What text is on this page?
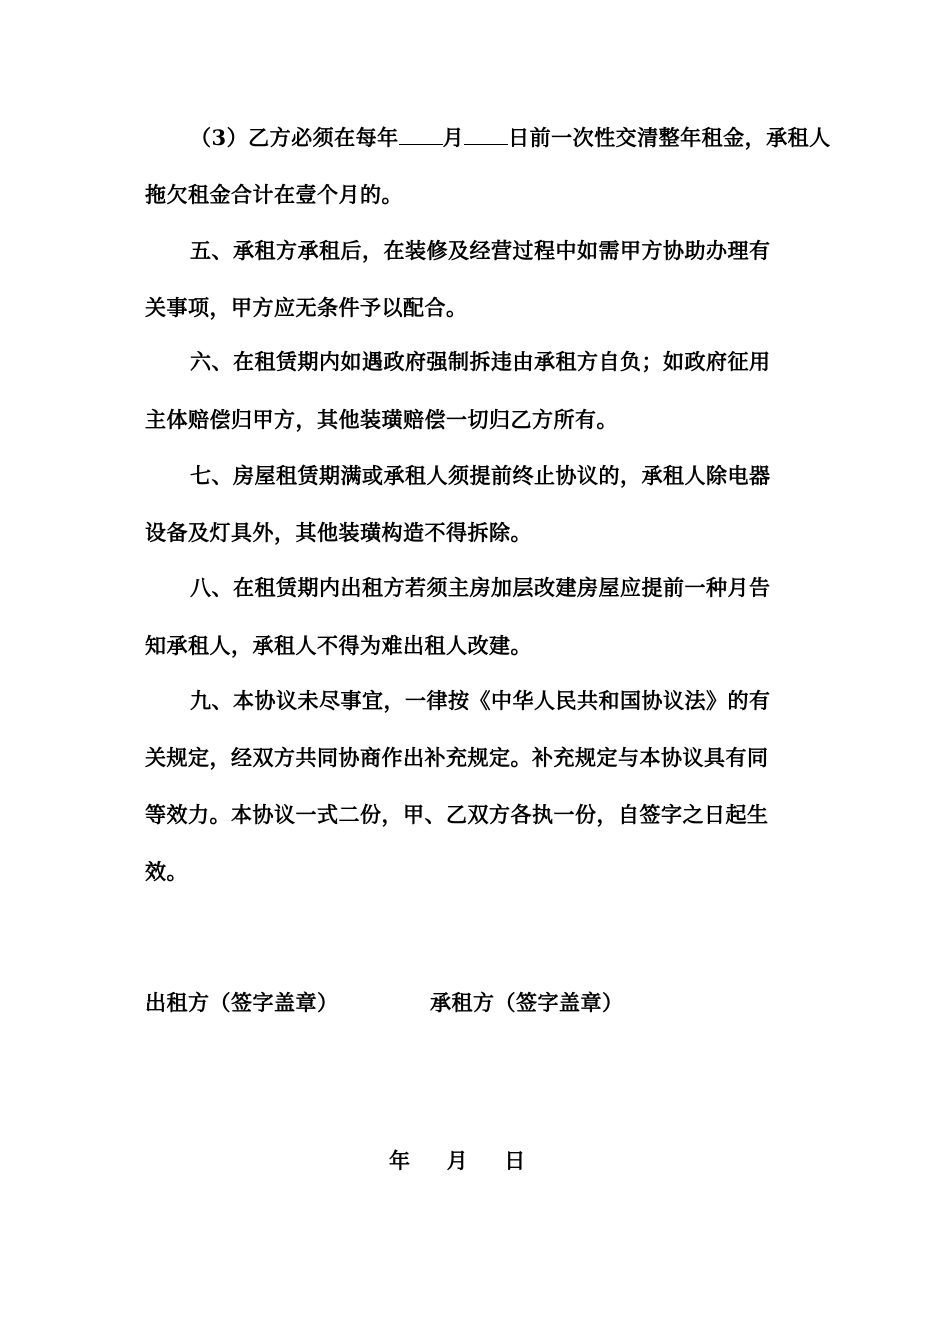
（3）乙方必须在每年 月 日前一次性交清整年租金，承租人
拖欠租金合计在壹个月的。
五、承租方承租后，在装修及经营过程中如需甲方协助办理有
关事项，甲方应无条件予以配合。
六、在租赁期内如遇政府强制拆违由承租方自负；如政府征用
主体赔偿归甲方，其他装璜赔偿一切归乙方所有。
七、房屋租赁期满或承租人须提前终止协议的，承租人除电器
设备及灯具外，其他装璜构造不得拆除。
八、在租赁期内出租方若须主房加层改建房屋应提前一种月告
知承租人，承租人不得为难出租人改建。
九、本协议未尽事宜，一律按《中华人民共和国协议法》的有
关规定，经双方共同协商作出补充规定。补充规定与本协议具有同
等效力。本协议一式二份，甲、乙双方各执一份，自签字之日起生
效。
出租方（签字盖章）	承租方（签字盖章）
年 月 日
